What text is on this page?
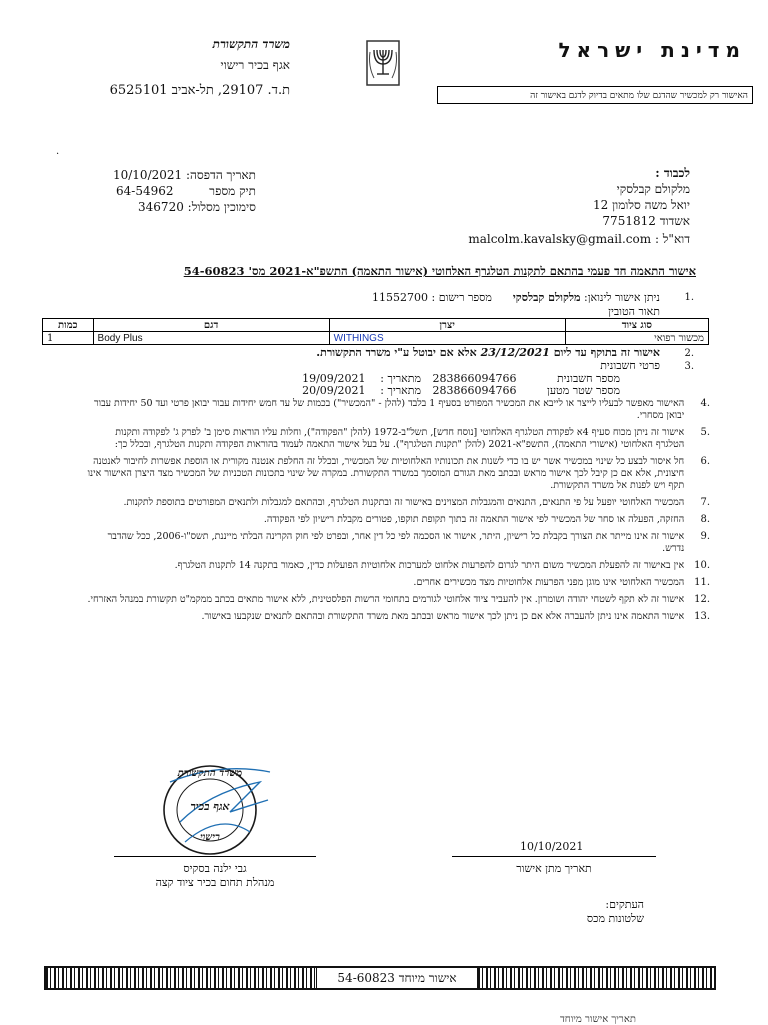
מדינת ישראל
משרד התקשורת
אגף בכיר רישוי
ת.ד. 29107, תל-אביב 6525101	האישור רק למכשיר שהדגם שלו מתאים בדיוק לדגם באישור זה
.
תאריך הדפסה: 10/10/2021
תיק מספר  64-54962
סימוכין מסלול: 346720
לכבוד :
מלקולם קבלסקי
יואל משה סלומון 12
אשדוד 7751812
דוא"ל : malcolm.kavalsky@gmail.com
אישור התאמה חד פעמי בהתאם לתקנות הטלגרף האלחוטי (אישור התאמה) התשפ"א-2021 מס' 54-60823
1.
ניתן אישור לינואן: מלקולם קבלסקי  מספר רישום : 11552700
תאור הטובין
סוג ציוד	יצרן	דגם	כמות
מכשור רפואי	WITHINGS	Body Plus	1
2.
אישור זה בתוקף עד ליום 23/12/2021 אלא אם יבוטל ע"י משרד התקשורת.
3.
פרטי חשבונית
מספר חשבונית 283866094766 מתאריך : 19/09/2021
מספר שטר מטען 283866094766 מתאריך : 20/09/2021
4.
האישור מאפשר לבעליו לייצר או לייבא את המכשיר המפורט בסעיף 1 בלבד (להלן - "המכשיר") בכמות של עד חמש יחידות עבור יבואן פרטי ועד 50 יחידות עבור יבואן מסחרי.
5.
אישור זה ניתן מכוח סעיף 4א לפקודת הטלגרף האלחוטי [נוסח חדש], תשל"ב-1972 (להלן "הפקודה"), וחלות עליו הוראות סימן ב' לפרק ג' לפקודה ותקנות הטלגרף האלחוטי (אישורי התאמה), התשפ"א-2021 (להלן "תקנות הטלגרף"). על בעל אישור התאמה לעמוד בהוראות הפקודה ותקנות הטלגרף, ובכלל כך:
6.
חל איסור לבצע כל שינוי במכשיר אשר יש בו כדי לשנות את תכונותיו האלחוטיות של המכשיר, ובכלל זה החלפת אנטנה מקורית או הוספת אפשרות לחיבור לאנטנה חיצונית, אלא אם כן קיבל לכך אישור מראש ובכתב מאת הגורם המוסמך במשרד התקשורת. במקרה של שינוי בתכונות הטכניות של המכשיר מצד היצרן האישור אינו תקף ויש לפנות אל משרד התקשורת.
7.
המכשיר האלחוטי יופעל על פי התנאים, התנאים והמגבלות המצוינים באישור זה ובתקנות הטלגרף, ובהתאם למגבלות ולתנאים המפורטים בתוספת לתקנות.
8.
החזקה, הפעלה או סחר של המכשיר לפי אישור התאמה זה בתוך תקופת תוקפו, פטורים מקבלת רישיון לפי הפקודה.
9.
אישור זה אינו מייתר את הצורך בקבלת כל רישיון, היתר, אישור או הסכמה לפי כל דין אחר, ובפרט לפי חוק הקרינה הבלתי מייננת, תשס"ו-2006, ככל שהדבר נדרש.
10.
אין באישור זה להפעלת המכשיר משום היתר לגרום להפרעות אלחוט למערכות אלחוטיות הפועלות כדין, כאמור בתקנה 14 לתקנות הטלגרף.
11.
המכשיר האלחוטי אינו מוגן מפני הפרעות אלחוטיות מצד מכשירים אחרים.
12.
אישור זה לא תקף לשטחי יהודה ושומרון. אין להעביר ציוד אלחוטי לגורמים בתחומי הרשות הפלסטינית, ללא אישור מתאים בכתב ממקמ"ט תקשורת במנהל האזרחי.
13.
אישור התאמה אינו ניתן להעברה אלא אם כן ניתן לכך אישור מראש ובכתב מאת משרד התקשורת ובהתאם לתנאים שנקבעו באישור.
משרד התקשורת
אגף בכיר
רישוי
10/10/2021
גבי ילנה בסקיס
מנהלת תחום בכיר ציוד קצה
תאריך מתן אישור
העתקים:
שלטונות מכס
אישור מיוחד 54-60823
תאריך אישור מיוחד
